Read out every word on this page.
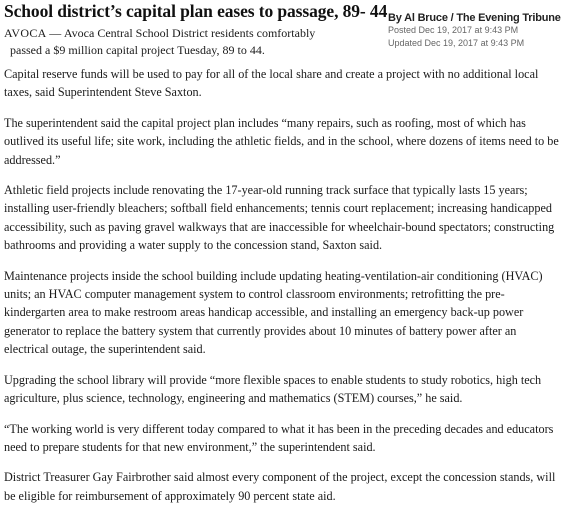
School district’s capital plan eases to passage, 89- 44
AVOCA — Avoca Central School District residents comfortably
passed a $9 million capital project Tuesday, 89 to 44.
By Al Bruce / The Evening Tribune
Posted Dec 19, 2017 at 9:43 PM
Updated Dec 19, 2017 at 9:43 PM

Capital reserve funds will be used to pay for all of the local share and create a project with no additional local taxes, said Superintendent Steve Saxton.

The superintendent said the capital project plan includes “many repairs, such as roofing, most of which has outlived its useful life; site work, including the athletic fields, and in the school, where dozens of items need to be addressed.”

Athletic field projects include renovating the 17-year-old running track surface that typically lasts 15 years; installing user-friendly bleachers; softball field enhancements; tennis court replacement; increasing handicapped accessibility, such as paving gravel walkways that are inaccessible for wheelchair-bound spectators; constructing bathrooms and providing a water supply to the concession stand, Saxton said.

Maintenance projects inside the school building include updating heating-ventilation-air conditioning (HVAC) units; an HVAC computer management system to control classroom environments; retrofitting the pre-kindergarten area to make restroom areas handicap accessible, and installing an emergency back-up power generator to replace the battery system that currently provides about 10 minutes of battery power after an electrical outage, the superintendent said.

Upgrading the school library will provide “more flexible spaces to enable students to study robotics, high tech agriculture, plus science, technology, engineering and mathematics (STEM) courses,” he said.

“The working world is very different today compared to what it has been in the preceding decades and educators need to prepare students for that new environment,” the superintendent said.

District Treasurer Gay Fairbrother said almost every component of the project, except the concession stands, will be eligible for reimbursement of approximately 90 percent state aid.
